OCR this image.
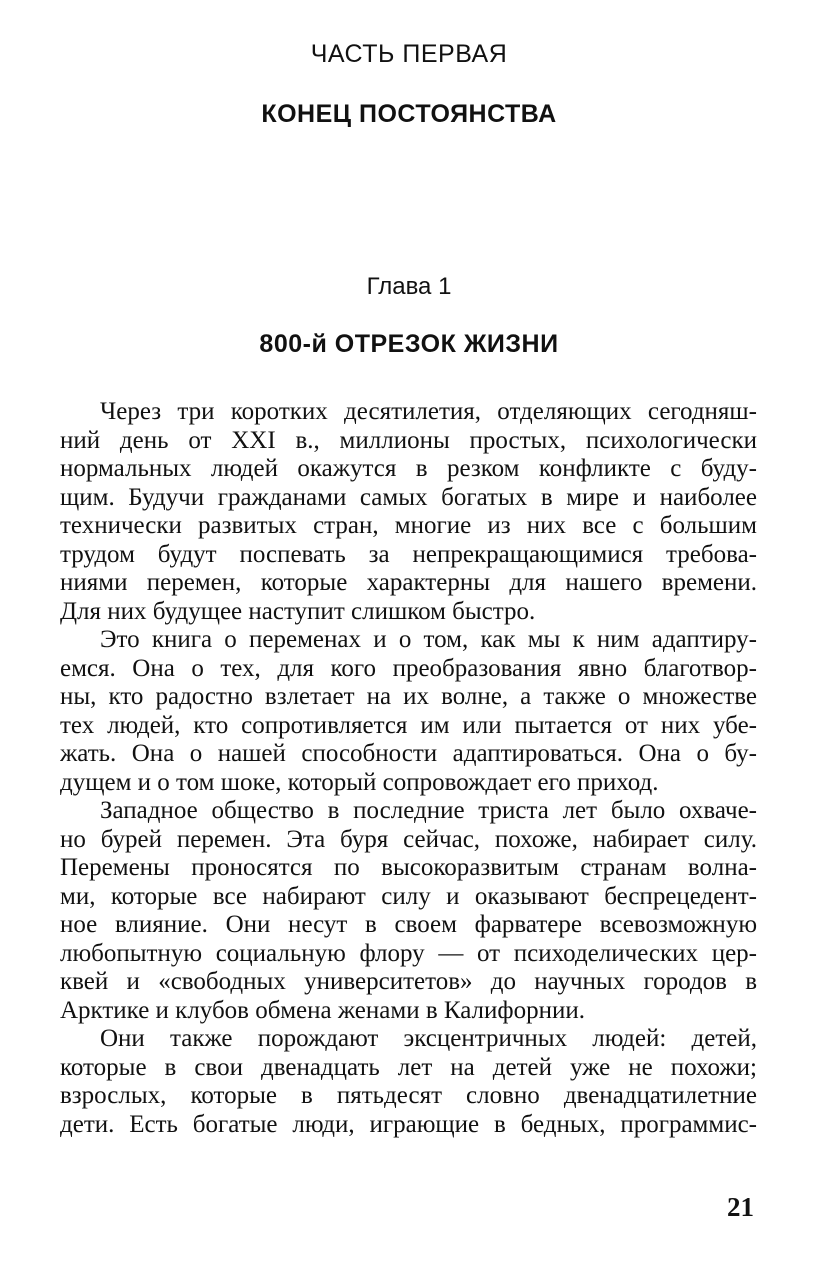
ЧАСТЬ ПЕРВАЯ
КОНЕЦ ПОСТОЯНСТВА
Глава 1
800-й ОТРЕЗОК ЖИЗНИ
Через три коротких десятилетия, отделяющих сегодняш-
ний день от XXI в., миллионы простых, психологически
нормальных людей окажутся в резком конфликте с буду-
щим. Будучи гражданами самых богатых в мире и наиболее
технически развитых стран, многие из них все с большим
трудом будут поспевать за непрекращающимися требова-
ниями перемен, которые характерны для нашего времени.
Для них будущее наступит слишком быстро.
Это книга о переменах и о том, как мы к ним адаптиру-
емся. Она о тех, для кого преобразования явно благотвор-
ны, кто радостно взлетает на их волне, а также о множестве
тех людей, кто сопротивляется им или пытается от них убе-
жать. Она о нашей способности адаптироваться. Она о бу-
дущем и о том шоке, который сопровождает его приход.
Западное общество в последние триста лет было охваче-
но бурей перемен. Эта буря сейчас, похоже, набирает силу.
Перемены проносятся по высокоразвитым странам волна-
ми, которые все набирают силу и оказывают беспрецедент-
ное влияние. Они несут в своем фарватере всевозможную
любопытную социальную флору — от психоделических цер-
квей и «свободных университетов» до научных городов в
Арктике и клубов обмена женами в Калифорнии.
Они также порождают эксцентричных людей: детей,
которые в свои двенадцать лет на детей уже не похожи;
взрослых, которые в пятьдесят словно двенадцатилетние
дети. Есть богатые люди, играющие в бедных, программис-
21
